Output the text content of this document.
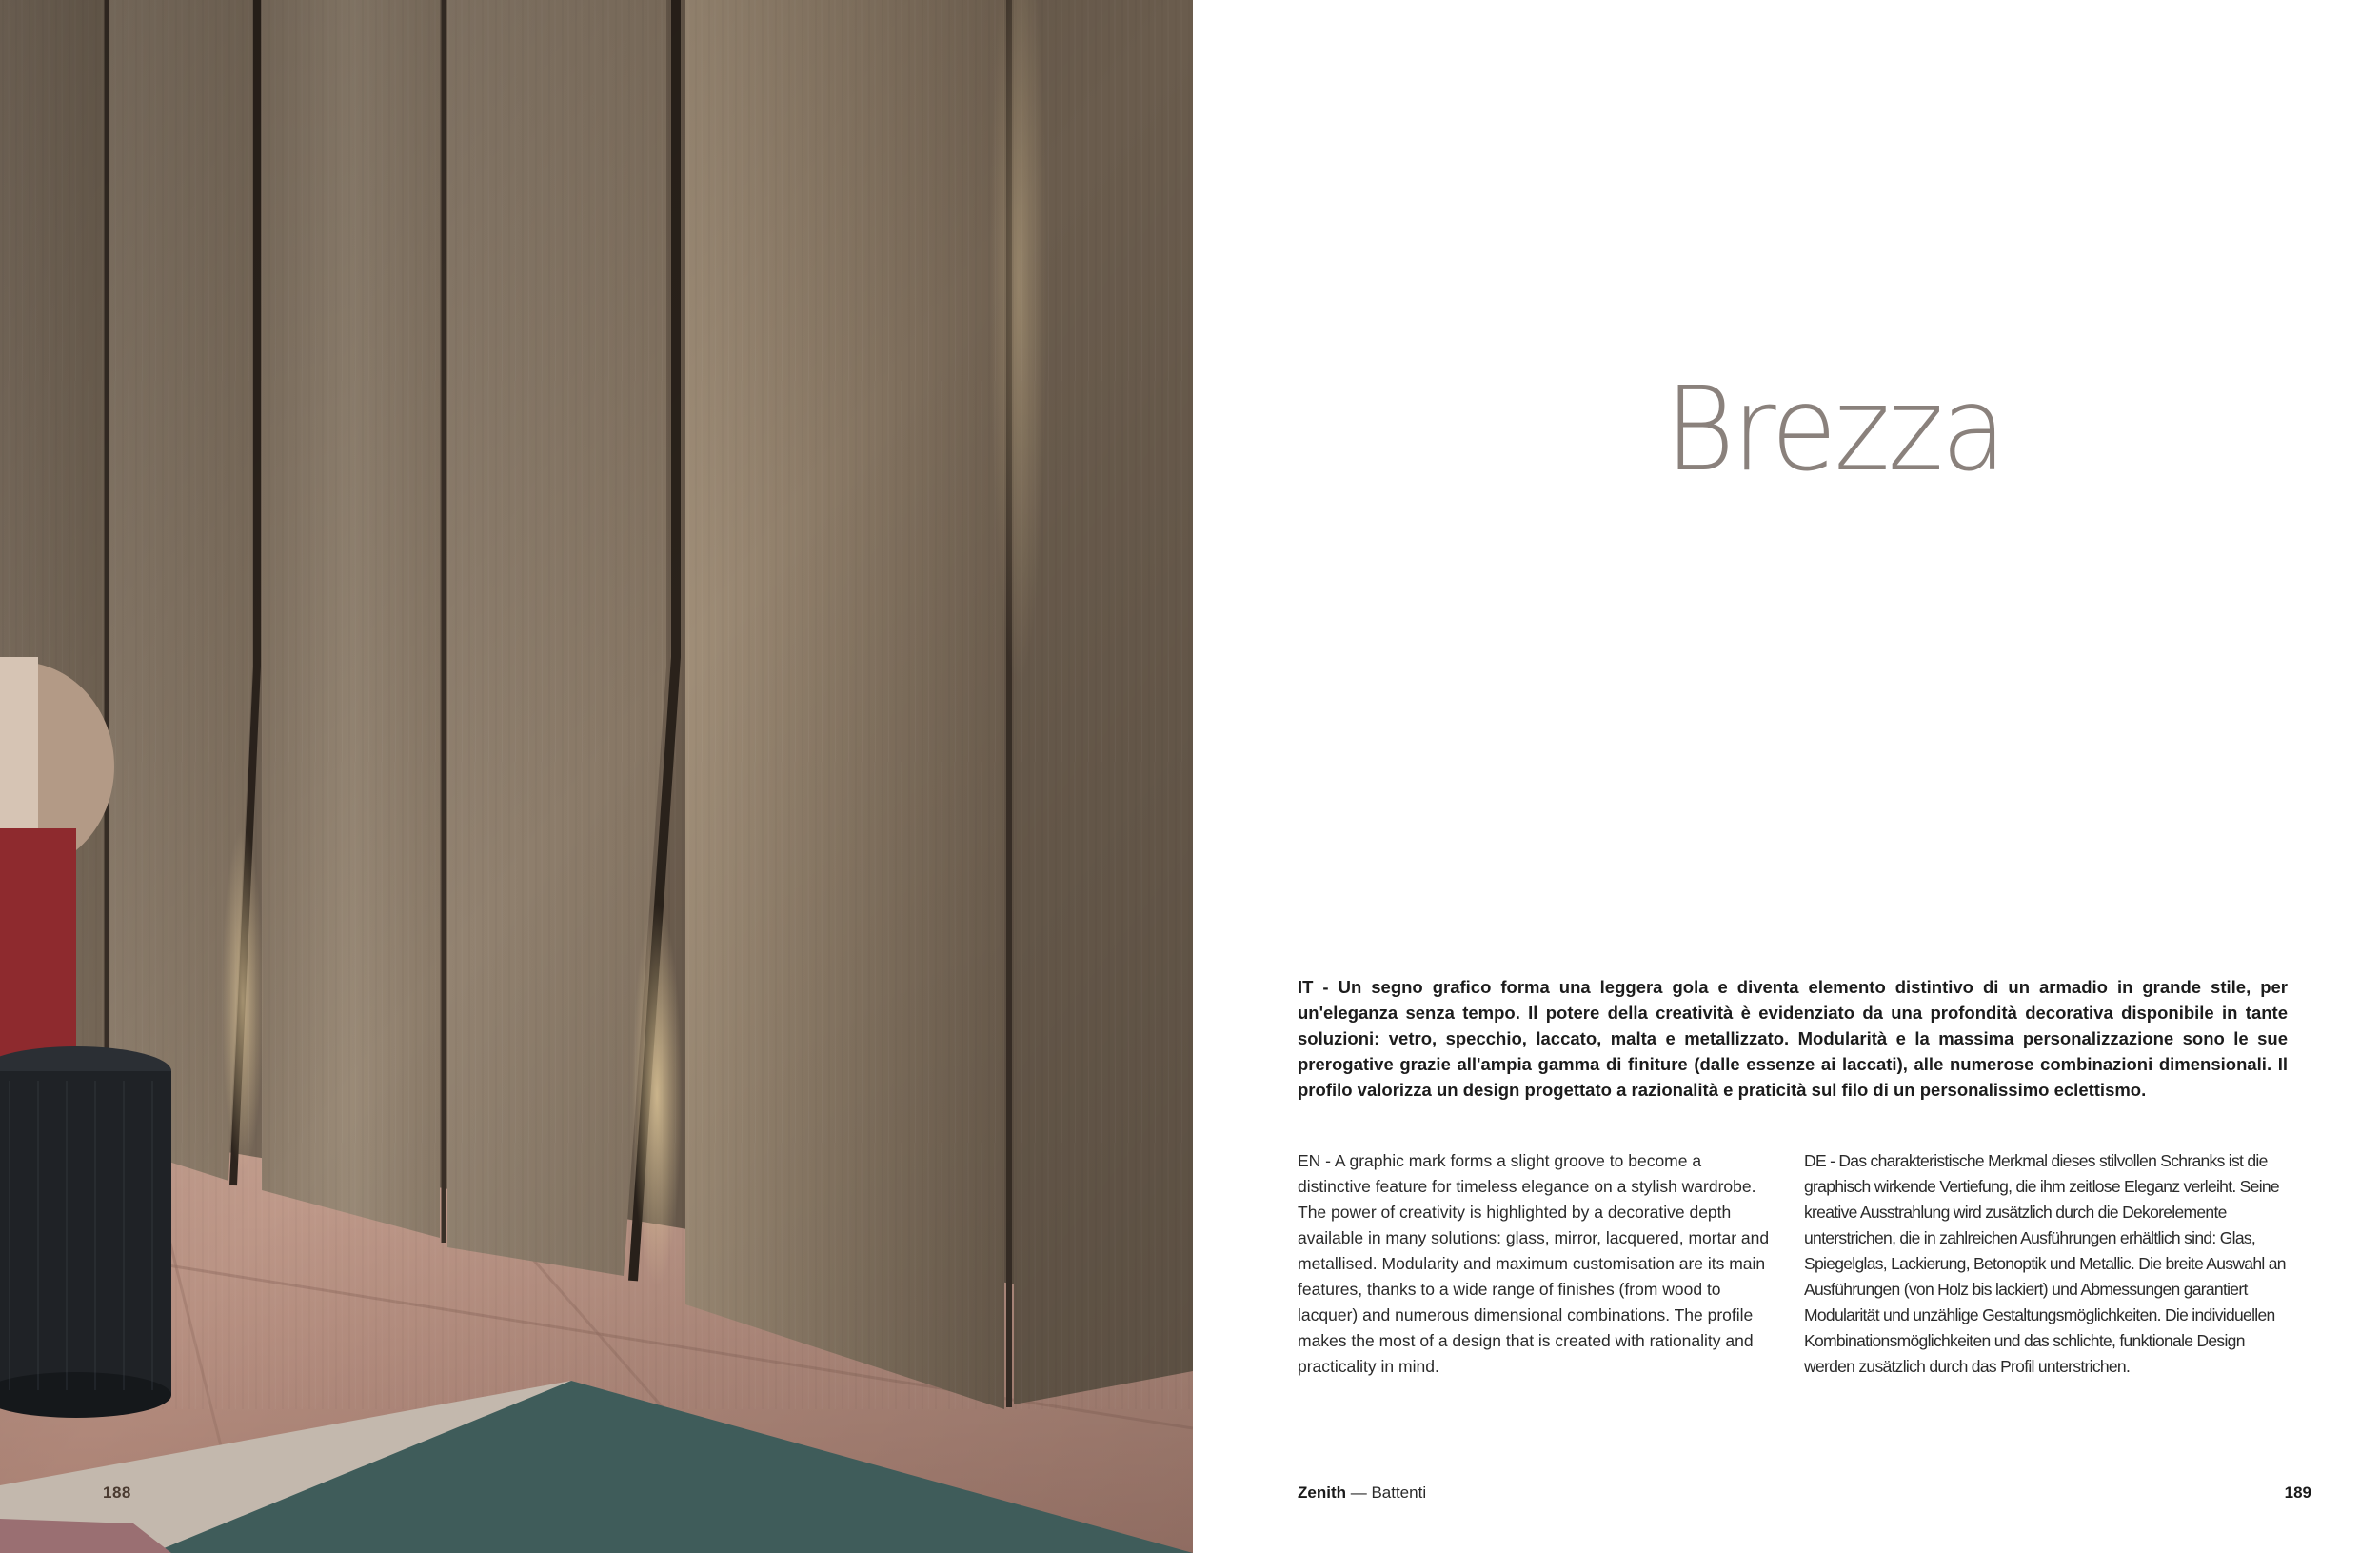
188
Brezza
IT - Un segno grafico forma una leggera gola e diventa elemento distintivo di un armadio in grande stile, per un'eleganza senza tempo. Il potere della creatività è evidenziato da una profondità decorativa disponibile in tante soluzioni: vetro, specchio, laccato, malta e metallizzato. Modularità e la massima personalizzazione sono le sue prerogative grazie all'ampia gamma di finiture (dalle essenze ai laccati), alle numerose combinazioni dimensionali. Il profilo valorizza un design progettato a razionalità e praticità sul filo di un personalissimo eclettismo.
EN - A graphic mark forms a slight groove to become a distinctive feature for timeless elegance on a stylish wardrobe. The power of creativity is highlighted by a decorative depth available in many solutions: glass, mirror, lacquered, mortar and metallised. Modularity and maximum customisation are its main features, thanks to a wide range of finishes (from wood to lacquer) and numerous dimensional combinations. The profile makes the most of a design that is created with rationality and practicality in mind.
DE - Das charakteristische Merkmal dieses stilvollen Schranks ist die graphisch wirkende Vertiefung, die ihm zeitlose Eleganz verleiht. Seine kreative Ausstrahlung wird zusätzlich durch die Dekorelemente unterstrichen, die in zahlreichen Ausführungen erhältlich sind: Glas, Spiegelglas, Lackierung, Betonoptik und Metallic. Die breite Auswahl an Ausführungen (von Holz bis lackiert) und Abmessungen garantiert Modularität und unzählige Gestaltungsmöglichkeiten. Die individuellen Kombinationsmöglichkeiten und das schlichte, funktionale Design werden zusätzlich durch das Profil unterstrichen.
Zenith — Battenti	189
